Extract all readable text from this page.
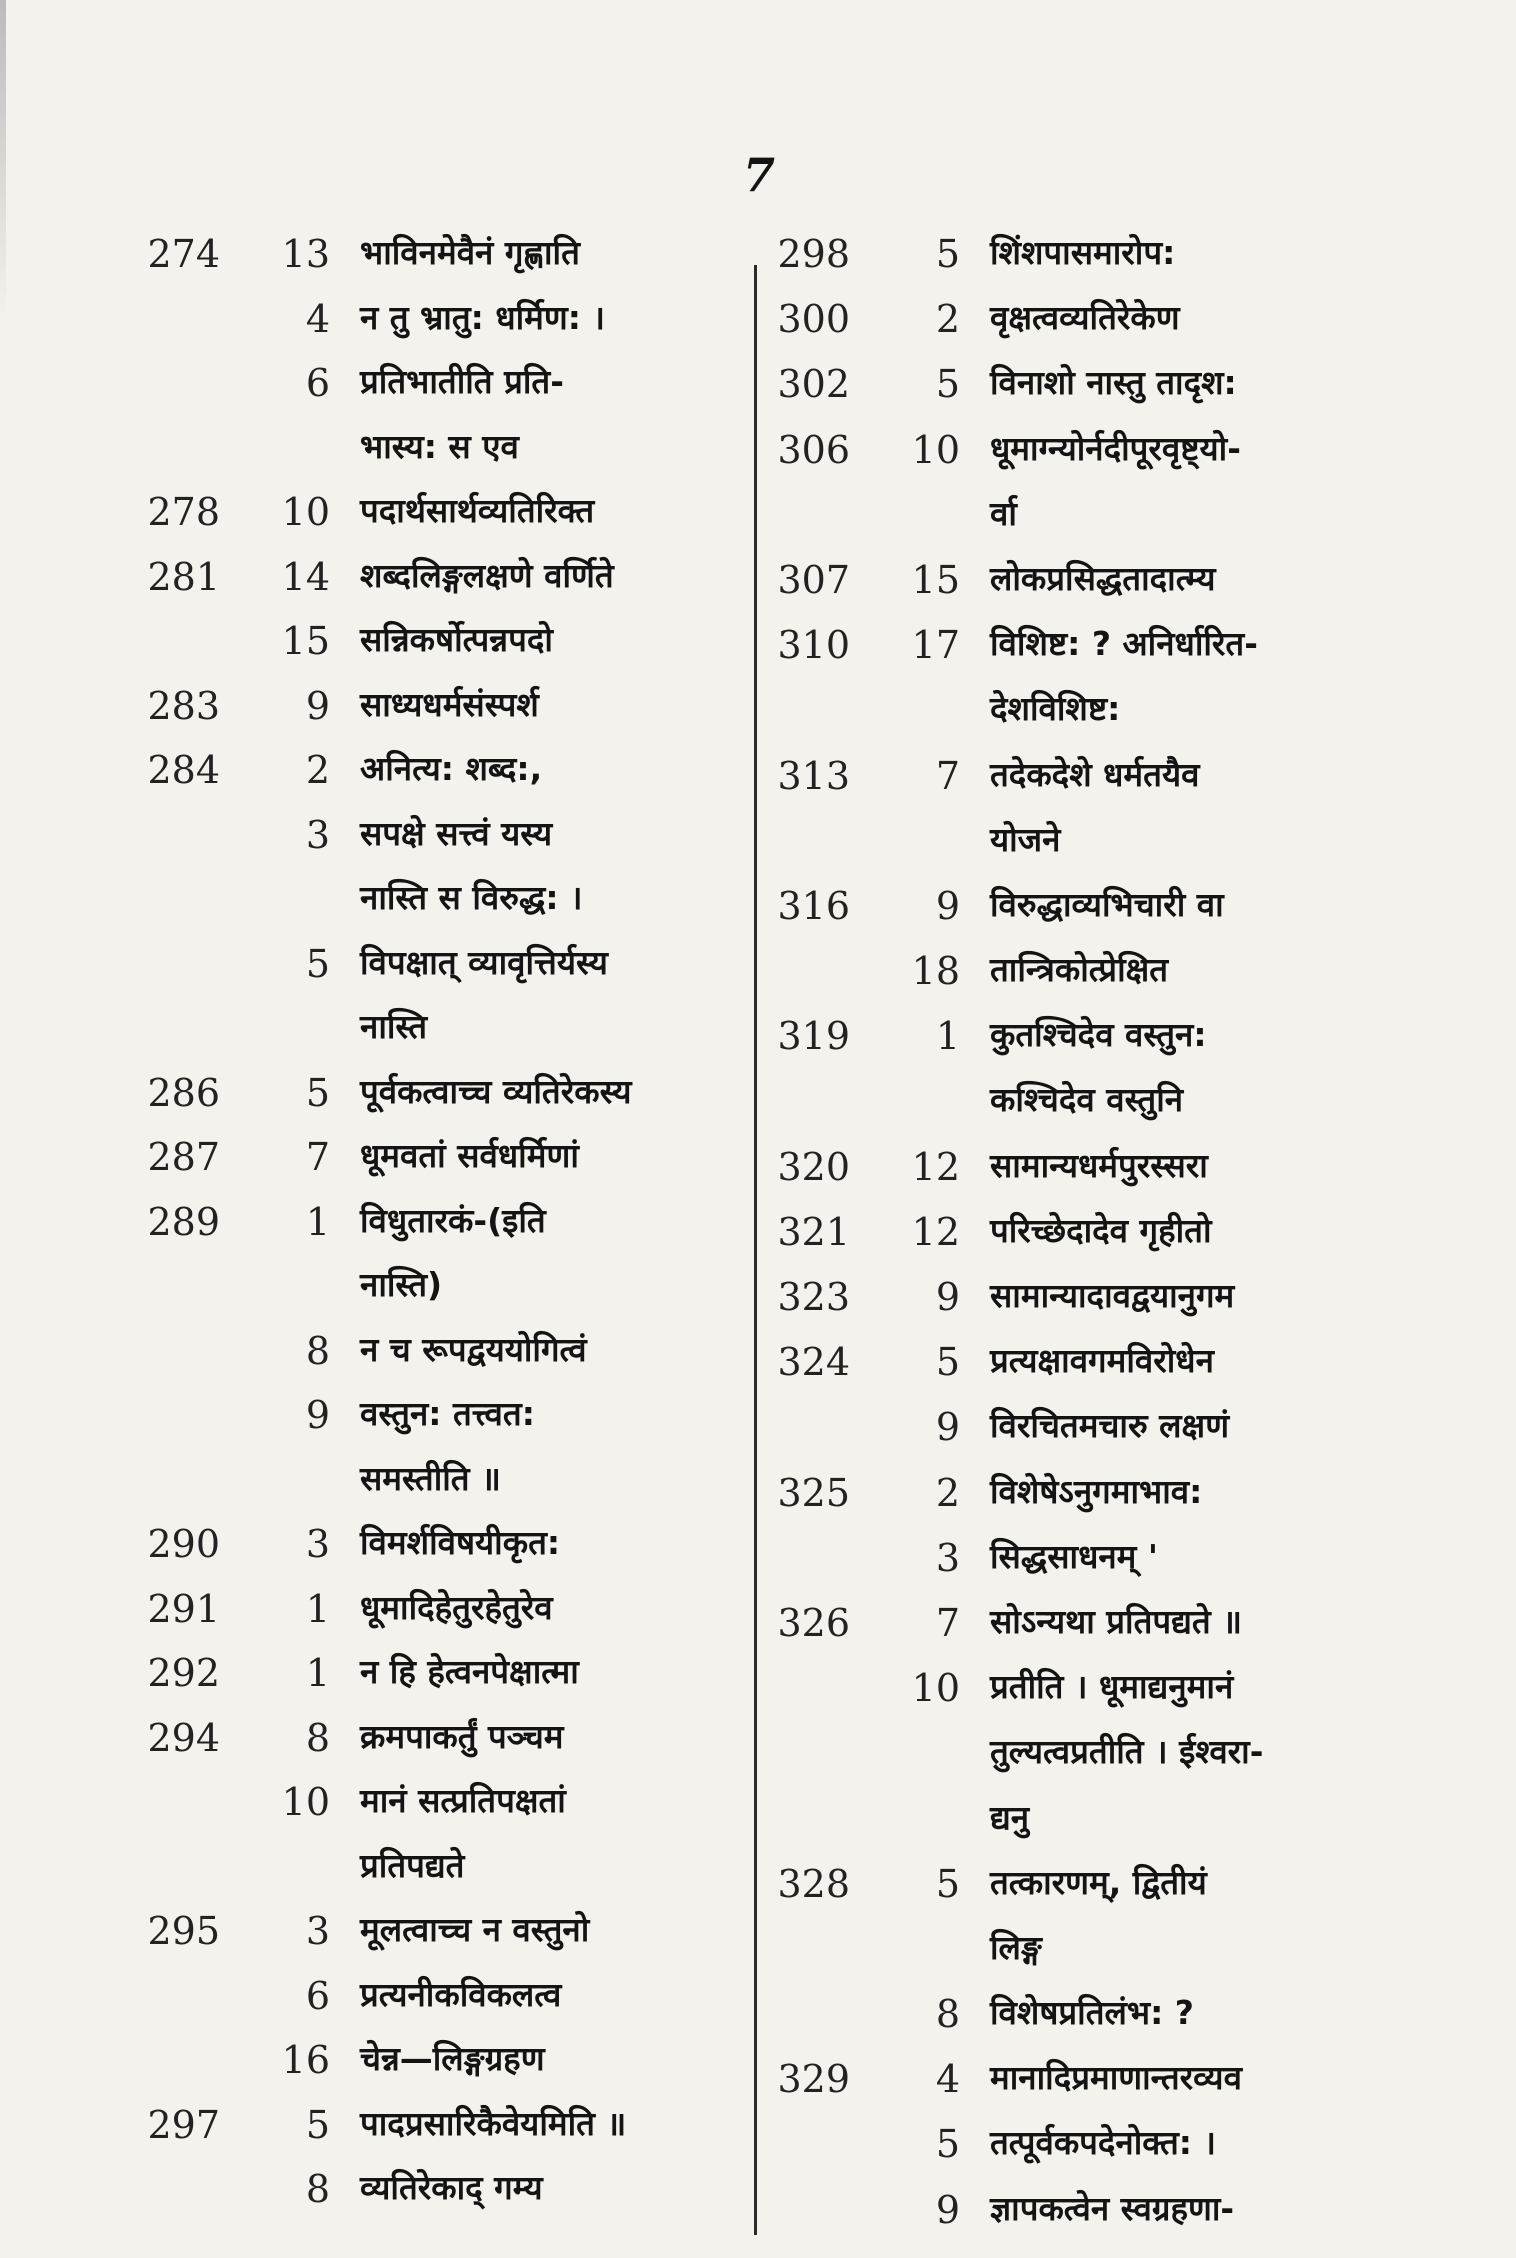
7
274	13 भाविनमेवैनं गृह्णाति
4 न तु भ्रातु: धर्मिण: ।
6 प्रतिभातीति प्रति-
भास्य: स एव
278	10 पदार्थसार्थव्यतिरिक्त
281	14 शब्दलिङ्गलक्षणे वर्णिते
15 सन्निकर्षोत्पन्नपदो
283	9 साध्यधर्मसंस्पर्श
284	2 अनित्य: शब्द:,
3 सपक्षे सत्त्वं यस्य
नास्ति स विरुद्ध: ।
5 विपक्षात् व्यावृत्तिर्यस्य
नास्ति
286	5 पूर्वकत्वाच्च व्यतिरेकस्य
287	7 धूमवतां सर्वधर्मिणां
289	1 विधुतारकं-(इति
नास्ति)
8 न च रूपद्वययोगित्वं
9 वस्तुन: तत्त्वत:
समस्तीति ॥
290	3 विमर्शविषयीकृत:
291	1 धूमादिहेतुरहेतुरेव
292	1 न हि हेत्वनपेक्षात्मा
294	8 क्रमपाकर्तुं पञ्चम
10 मानं सत्प्रतिपक्षतां
प्रतिपद्यते
295	3 मूलत्वाच्च न वस्तुनो
6 प्रत्यनीकविकलत्व
16 चेन्न—लिङ्गग्रहण
297	5 पादप्रसारिकैवेयमिति ॥
8 व्यतिरेकाद् गम्य
298	5 शिंशपासमारोप:
300	2 वृक्षत्वव्यतिरेकेण
302	5 विनाशो नास्तु तादृश:
306	10 धूमाग्न्योर्नदीपूरवृष्ट्यो-
र्वा
307	15 लोकप्रसिद्धतादात्म्य
310	17 विशिष्ट: ? अनिर्धारित-
देशविशिष्ट:
313	7 तदेकदेशे धर्मतयैव
योजने
316	9 विरुद्धाव्यभिचारी वा
18 तान्त्रिकोत्प्रेक्षित
319	1 कुतश्चिदेव वस्तुन:
कश्चिदेव वस्तुनि
320	12 सामान्यधर्मपुरस्सरा
321	12 परिच्छेदादेव गृहीतो
323	9 सामान्यादावद्वयानुगम
324	5 प्रत्यक्षावगमविरोधेन
9 विरचितमचारु लक्षणं
325	2 विशेषेऽनुगमाभाव:
3 सिद्धसाधनम् '
326	7 सोऽन्यथा प्रतिपद्यते ॥
10 प्रतीति । धूमाद्यनुमानं
तुल्यत्वप्रतीति । ईश्वरा-
द्यनु
328	5 तत्कारणम्, द्वितीयं
लिङ्ग
8 विशेषप्रतिलंभ: ?
329	4 मानादिप्रमाणान्तरव्यव
5 तत्पूर्वकपदेनोक्त: ।
9 ज्ञापकत्वेन स्वग्रहणा-
